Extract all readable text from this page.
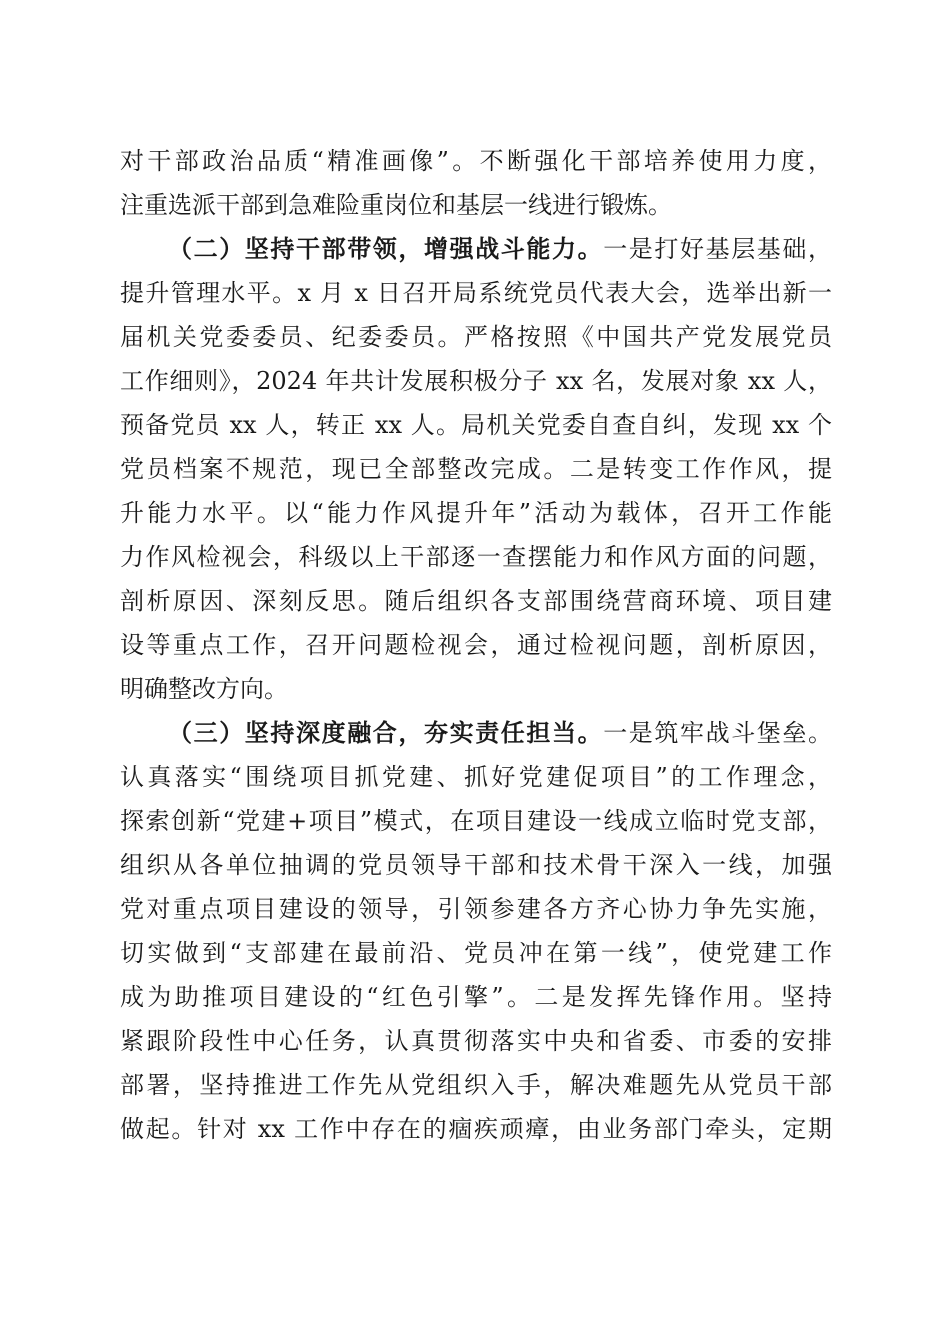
对干部政治品质“精准画像”。不断强化干部培养使用力度，
注重选派干部到急难险重岗位和基层一线进行锻炼。
（二）坚持干部带领，增强战斗能力。一是打好基层基础，
提升管理水平。x 月 x 日召开局系统党员代表大会，选举出新一
届机关党委委员、纪委委员。严格按照《中国共产党发展党员
工作细则》，2024 年共计发展积极分子 xx 名，发展对象 xx 人，
预备党员 xx 人，转正 xx 人。局机关党委自查自纠，发现 xx 个
党员档案不规范，现已全部整改完成。二是转变工作作风，提
升能力水平。以“能力作风提升年”活动为载体，召开工作能
力作风检视会，科级以上干部逐一查摆能力和作风方面的问题，
剖析原因、深刻反思。随后组织各支部围绕营商环境、项目建
设等重点工作，召开问题检视会，通过检视问题，剖析原因，
明确整改方向。
（三）坚持深度融合，夯实责任担当。一是筑牢战斗堡垒。
认真落实“围绕项目抓党建、抓好党建促项目”的工作理念，
探索创新“党建+项目”模式，在项目建设一线成立临时党支部，
组织从各单位抽调的党员领导干部和技术骨干深入一线，加强
党对重点项目建设的领导，引领参建各方齐心协力争先实施，
切实做到“支部建在最前沿、党员冲在第一线”，使党建工作
成为助推项目建设的“红色引擎”。二是发挥先锋作用。坚持
紧跟阶段性中心任务，认真贯彻落实中央和省委、市委的安排
部署，坚持推进工作先从党组织入手，解决难题先从党员干部
做起。针对 xx 工作中存在的痼疾顽瘴，由业务部门牵头，定期
